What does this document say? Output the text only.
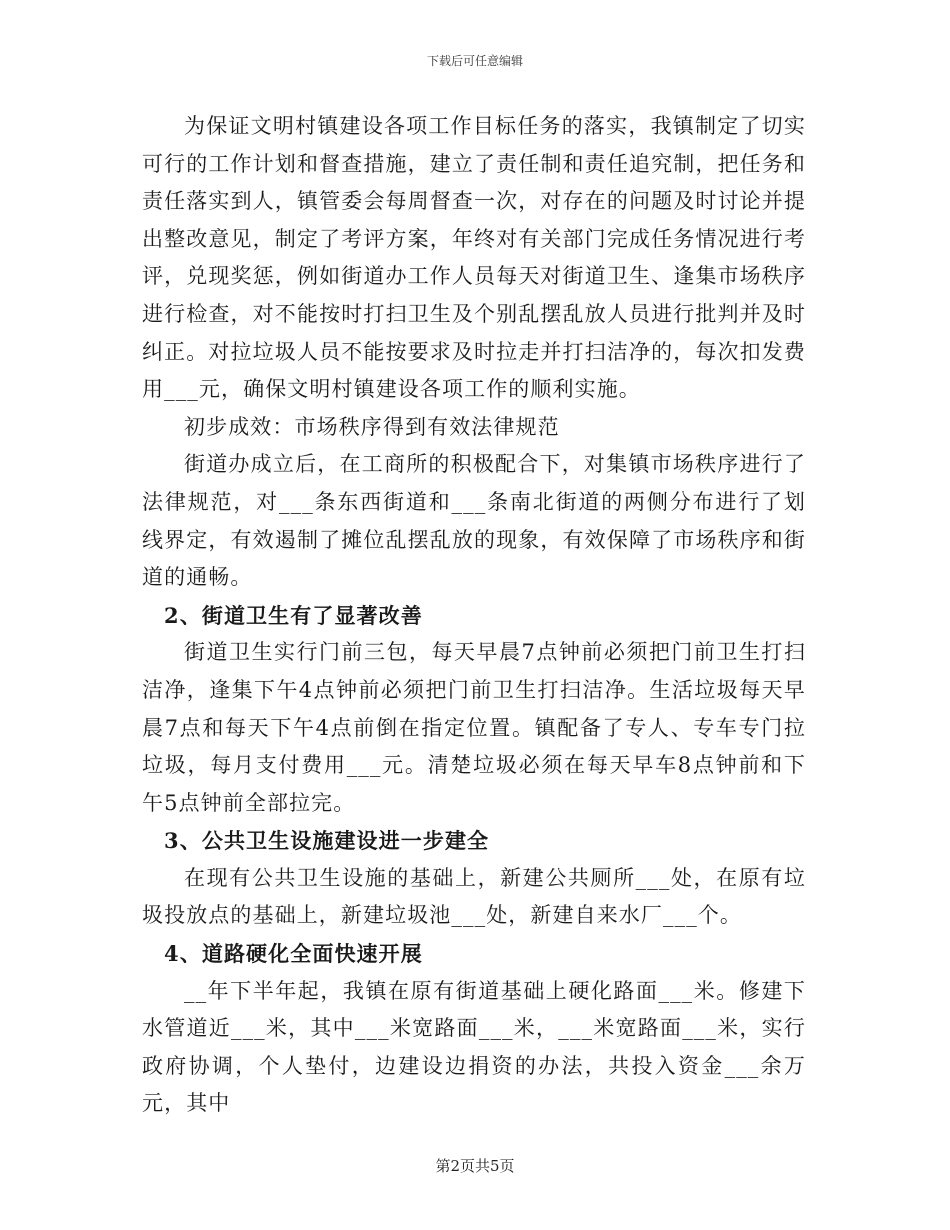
下载后可任意编辑

为保证文明村镇建设各项工作目标任务的落实，我镇制定了切实可行的工作计划和督查措施，建立了责任制和责任追究制，把任务和责任落实到人，镇管委会每周督查一次，对存在的问题及时讨论并提出整改意见，制定了考评方案，年终对有关部门完成任务情况进行考评，兑现奖惩，例如街道办工作人员每天对街道卫生、逢集市场秩序进行检查，对不能按时打扫卫生及个别乱摆乱放人员进行批判并及时纠正。对拉垃圾人员不能按要求及时拉走并打扫洁净的，每次扣发费用___元，确保文明村镇建设各项工作的顺利实施。

初步成效：市场秩序得到有效法律规范

街道办成立后，在工商所的积极配合下，对集镇市场秩序进行了法律规范，对___条东西街道和___条南北街道的两侧分布进行了划线界定，有效遏制了摊位乱摆乱放的现象，有效保障了市场秩序和街道的通畅。

2、街道卫生有了显著改善

街道卫生实行门前三包，每天早晨7点钟前必须把门前卫生打扫洁净，逢集下午4点钟前必须把门前卫生打扫洁净。生活垃圾每天早晨7点和每天下午4点前倒在指定位置。镇配备了专人、专车专门拉垃圾，每月支付费用___元。清楚垃圾必须在每天早车8点钟前和下午5点钟前全部拉完。

3、公共卫生设施建设进一步建全

在现有公共卫生设施的基础上，新建公共厕所___处，在原有垃圾投放点的基础上，新建垃圾池___处，新建自来水厂___个。

4、道路硬化全面快速开展

__年下半年起，我镇在原有街道基础上硬化路面___米。修建下水管道近___米，其中___米宽路面___米，___米宽路面___米，实行政府协调，个人垫付，边建设边捐资的办法，共投入资金___余万元，其中

第2页共5页
